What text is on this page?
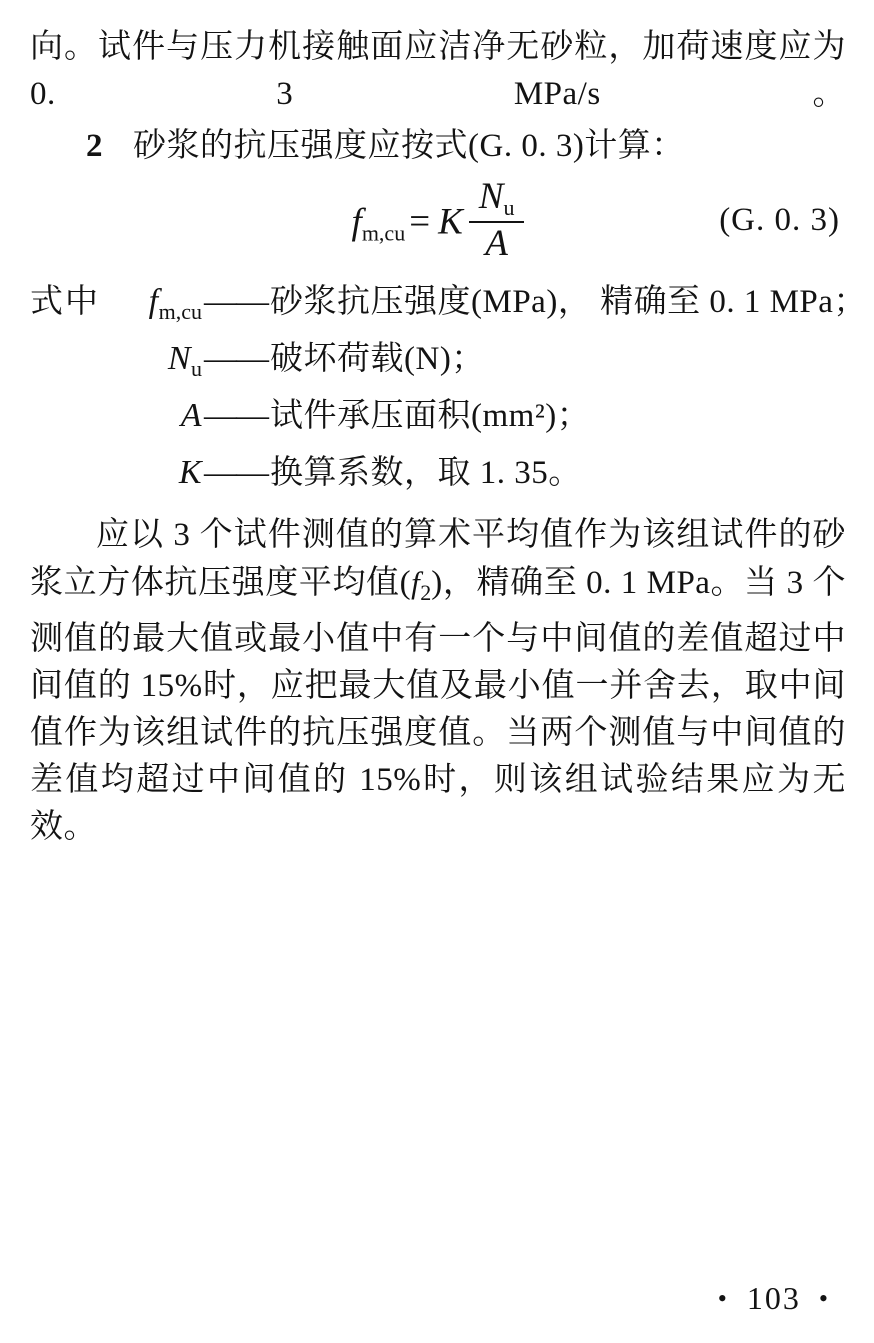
向。试件与压力机接触面应洁净无砂粒，加荷速度应为 0. 3 MPa/s。
2 砂浆的抗压强度应按式(G. 0. 3)计算：
$f_{m,cu} = K \frac{N_u}{A}$	(G. 0. 3)
式中 $f_{m,cu}——$砂浆抗压强度(MPa)， 精确至 0. 1 MPa；
$N_u——$破坏荷载(N)；
A——试件承压面积(mm²)；
K——换算系数，取 1. 35。

应以 3 个试件测值的算术平均值作为该组试件的砂浆立方体抗压强度平均值$(f_2)$，精确至 0. 1 MPa。当 3 个测值的最大值或最小值中有一个与中间值的差值超过中间值的 15%时，应把最大值及最小值一并舍去，取中间值作为该组试件的抗压强度值。当两个测值与中间值的差值均超过中间值的 15%时，则该组试验结果应为无效。

• 103 •
